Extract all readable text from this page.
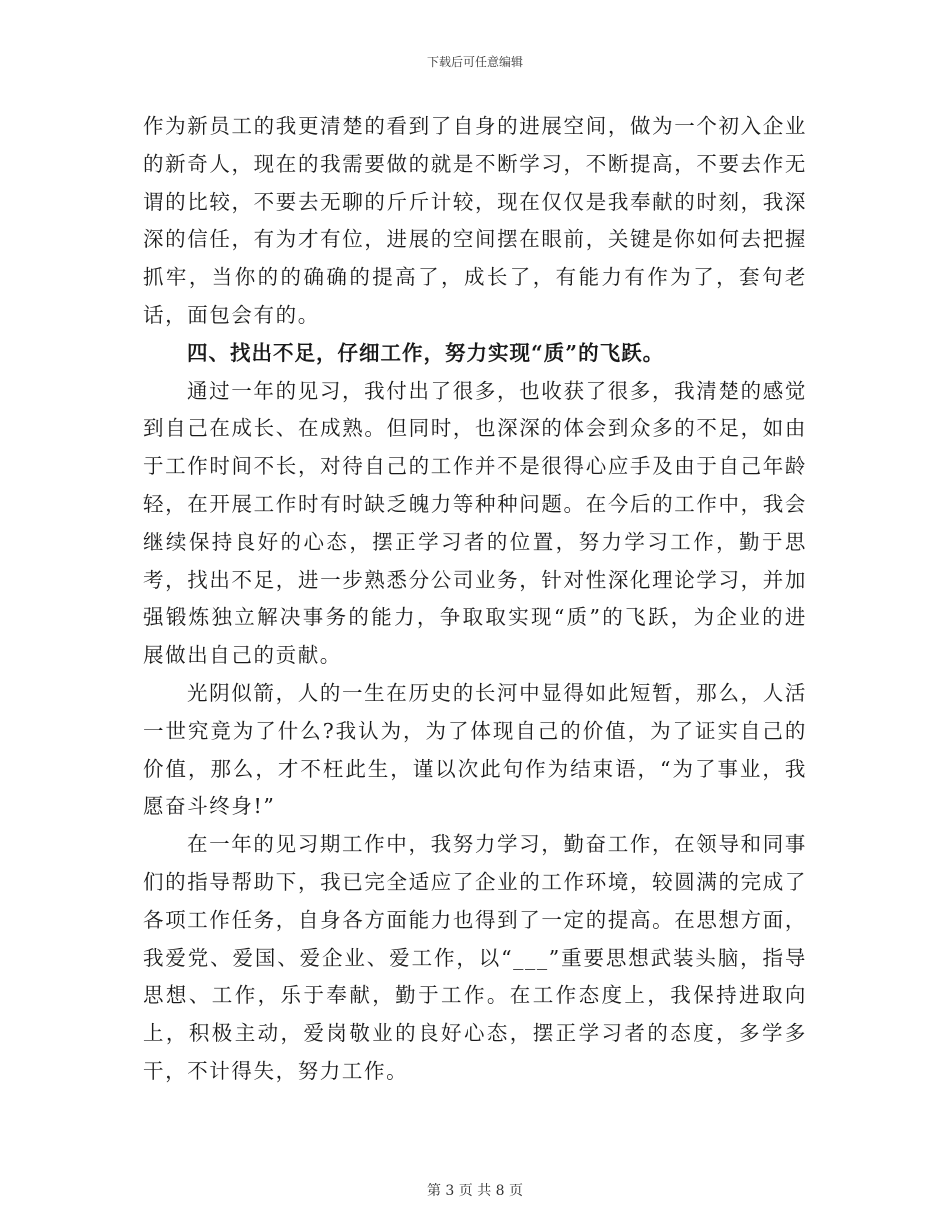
下载后可任意编辑

作为新员工的我更清楚的看到了自身的进展空间，做为一个初入企业的新奇人，现在的我需要做的就是不断学习，不断提高，不要去作无谓的比较，不要去无聊的斤斤计较，现在仅仅是我奉献的时刻，我深深的信任，有为才有位，进展的空间摆在眼前，关键是你如何去把握抓牢，当你的的确确的提高了，成长了，有能力有作为了，套句老话，面包会有的。

四、找出不足，仔细工作，努力实现“质”的飞跃。

通过一年的见习，我付出了很多，也收获了很多，我清楚的感觉到自己在成长、在成熟。但同时，也深深的体会到众多的不足，如由于工作时间不长，对待自己的工作并不是很得心应手及由于自己年龄轻，在开展工作时有时缺乏魄力等种种问题。在今后的工作中，我会继续保持良好的心态，摆正学习者的位置，努力学习工作，勤于思考，找出不足，进一步熟悉分公司业务，针对性深化理论学习，并加强锻炼独立解决事务的能力，争取取实现“质”的飞跃，为企业的进展做出自己的贡献。

光阴似箭，人的一生在历史的长河中显得如此短暂，那么，人活一世究竟为了什么?我认为，为了体现自己的价值，为了证实自己的价值，那么，才不枉此生，谨以次此句作为结束语，“为了事业，我愿奋斗终身!”

在一年的见习期工作中，我努力学习，勤奋工作，在领导和同事们的指导帮助下，我已完全适应了企业的工作环境，较圆满的完成了各项工作任务，自身各方面能力也得到了一定的提高。在思想方面，我爱党、爱国、爱企业、爱工作，以“___”重要思想武装头脑，指导思想、工作，乐于奉献，勤于工作。在工作态度上，我保持进取向上，积极主动，爱岗敬业的良好心态，摆正学习者的态度，多学多干，不计得失，努力工作。

第 3 页 共 8 页
